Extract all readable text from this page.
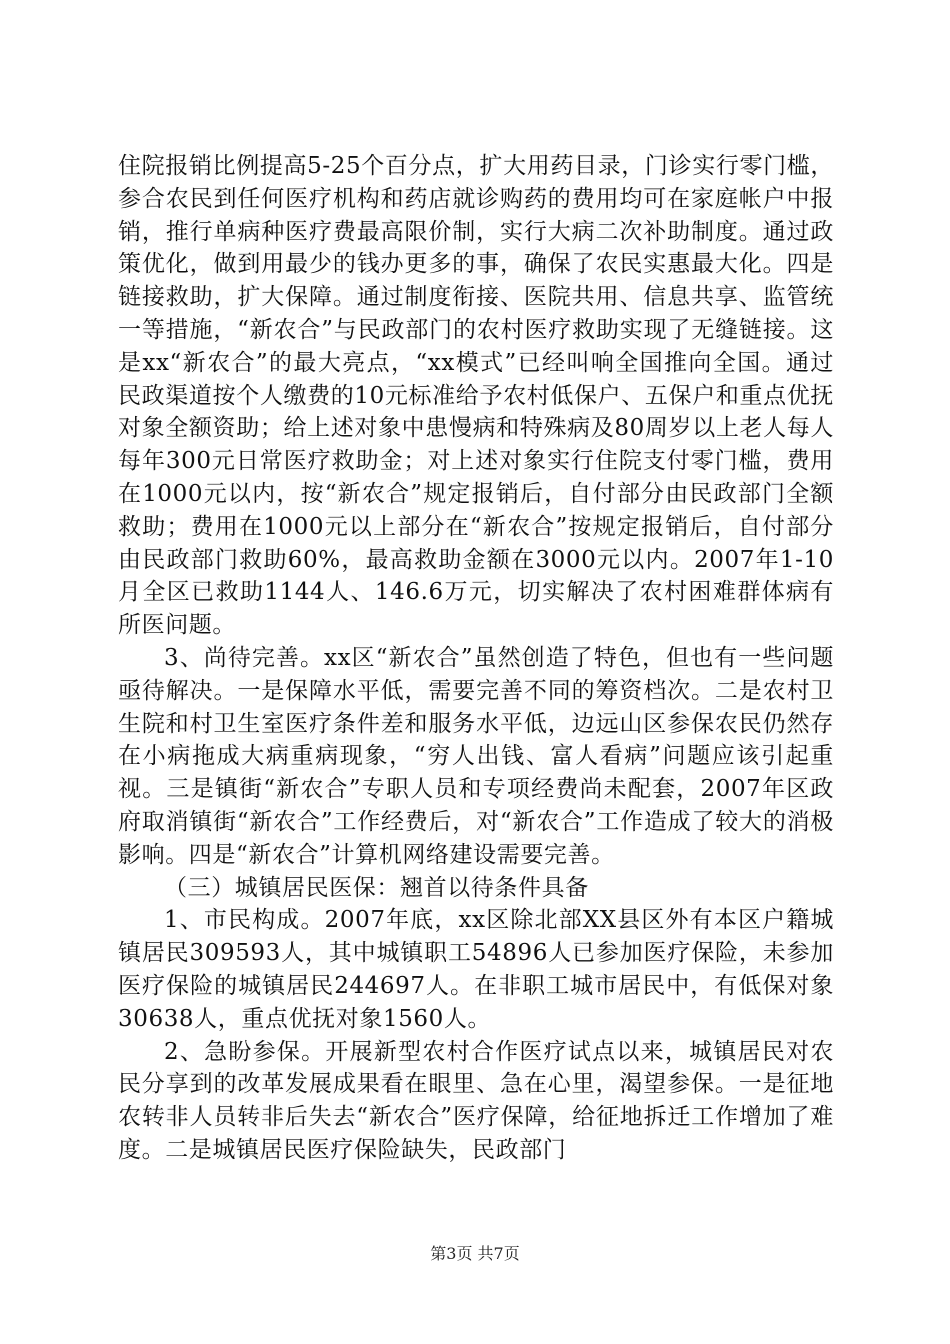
住院报销比例提高5-25个百分点，扩大用药目录，门诊实行零门槛，参合农民到任何医疗机构和药店就诊购药的费用均可在家庭帐户中报销，推行单病种医疗费最高限价制，实行大病二次补助制度。通过政策优化，做到用最少的钱办更多的事，确保了农民实惠最大化。四是链接救助，扩大保障。通过制度衔接、医院共用、信息共享、监管统一等措施，“新农合”与民政部门的农村医疗救助实现了无缝链接。这是xx“新农合”的最大亮点，“xx模式”已经叫响全国推向全国。通过民政渠道按个人缴费的10元标准给予农村低保户、五保户和重点优抚对象全额资助；给上述对象中患慢病和特殊病及80周岁以上老人每人每年300元日常医疗救助金；对上述对象实行住院支付零门槛，费用在1000元以内，按“新农合”规定报销后，自付部分由民政部门全额救助；费用在1000元以上部分在“新农合”按规定报销后，自付部分由民政部门救助60%，最高救助金额在3000元以内。2007年1-10月全区已救助1144人、146.6万元，切实解决了农村困难群体病有所医问题。

3、尚待完善。xx区“新农合”虽然创造了特色，但也有一些问题亟待解决。一是保障水平低，需要完善不同的筹资档次。二是农村卫生院和村卫生室医疗条件差和服务水平低，边远山区参保农民仍然存在小病拖成大病重病现象，“穷人出钱、富人看病”问题应该引起重视。三是镇街“新农合”专职人员和专项经费尚未配套，2007年区政府取消镇街“新农合”工作经费后，对“新农合”工作造成了较大的消极影响。四是“新农合”计算机网络建设需要完善。

（三）城镇居民医保：翘首以待条件具备

1、市民构成。2007年底，xx区除北部XX县区外有本区户籍城镇居民309593人，其中城镇职工54896人已参加医疗保险，未参加医疗保险的城镇居民244697人。在非职工城市居民中，有低保对象30638人，重点优抚对象1560人。

2、急盼参保。开展新型农村合作医疗试点以来，城镇居民对农民分享到的改革发展成果看在眼里、急在心里，渴望参保。一是征地农转非人员转非后失去“新农合”医疗保障，给征地拆迁工作增加了难度。二是城镇居民医疗保险缺失，民政部门

第3页 共7页
